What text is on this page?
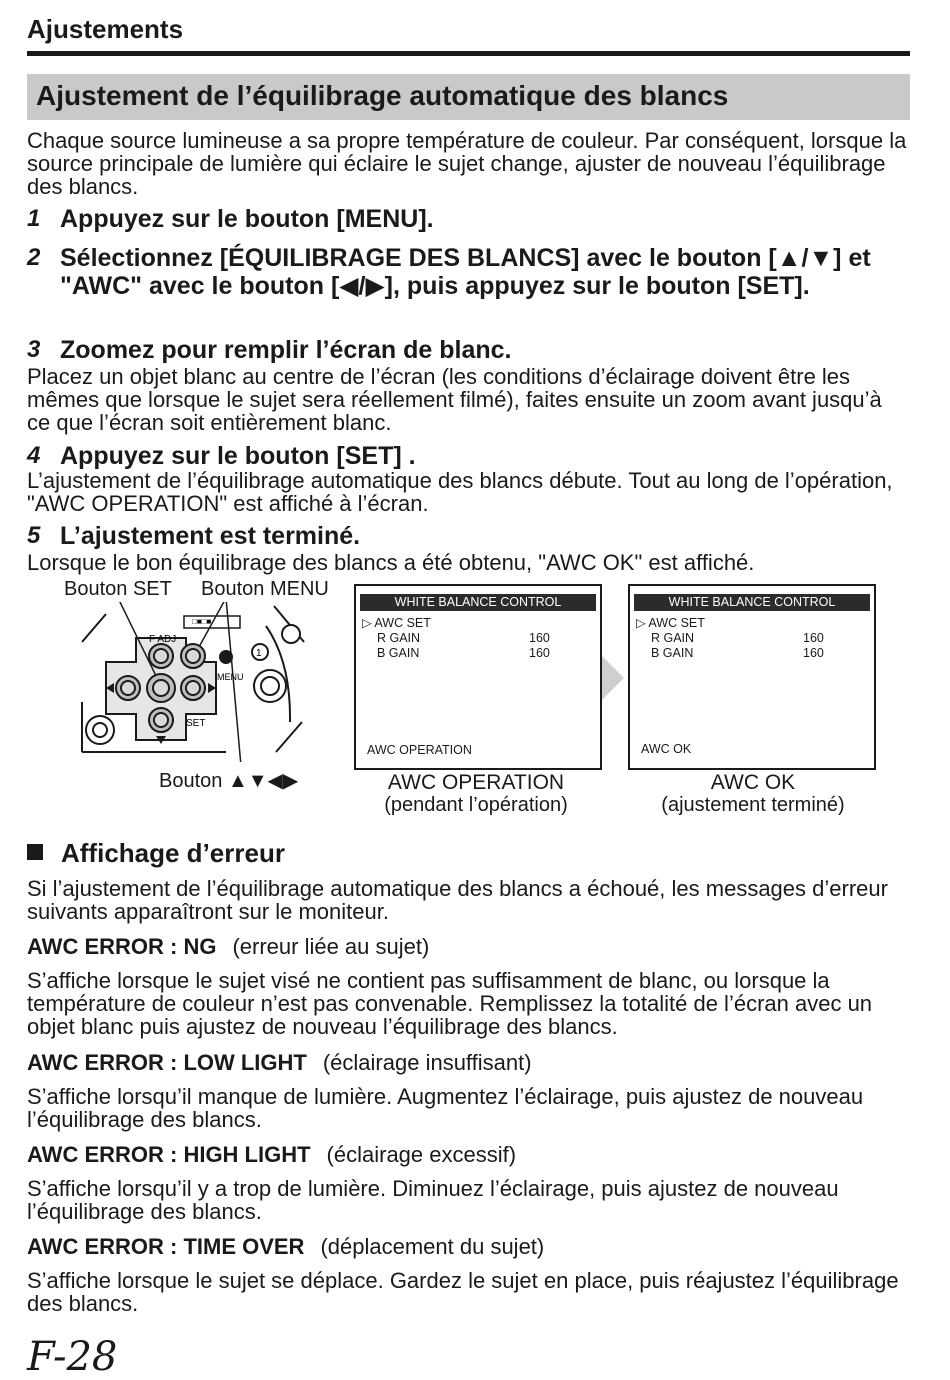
Ajustements
Ajustement de l’équilibrage automatique des blancs
Chaque source lumineuse a sa propre température de couleur. Par conséquent, lorsque la source principale de lumière qui éclaire le sujet change, ajuster de nouveau l’équilibrage des blancs.
1 Appuyez sur le bouton [MENU].
2 Sélectionnez [ÉQUILIBRAGE DES BLANCS] avec le bouton [▲/▼] et "AWC" avec le bouton [◀/▶], puis appuyez sur le bouton [SET].
3 Zoomez pour remplir l’écran de blanc.
Placez un objet blanc au centre de l’écran (les conditions d’éclairage doivent être les mêmes que lorsque le sujet sera réellement filmé), faites ensuite un zoom avant jusqu’à ce que l’écran soit entièrement blanc.
4 Appuyez sur le bouton [SET] .
L’ajustement de l’équilibrage automatique des blancs débute. Tout au long de l’opération, "AWC OPERATION" est affiché à l’écran.
5 L’ajustement est terminé.
Lorsque le bon équilibrage des blancs a été obtenu, "AWC OK" est affiché.
Bouton SET Bouton MENU
Bouton ▲▼◀▶
F ADJ
MENU
SET
1
□■□■
WHITE BALANCE CONTROL
▷ AWC SET
R GAIN	160
B GAIN	160
AWC OPERATION
WHITE BALANCE CONTROL
▷ AWC SET
R GAIN	160
B GAIN	160
AWC OK
AWC OPERATION
(pendant l’opération)
AWC OK
(ajustement terminé)
Affichage d’erreur
Si l’ajustement de l’équilibrage automatique des blancs a échoué, les messages d’erreur suivants apparaîtront sur le moniteur.
AWC ERROR : NG (erreur liée au sujet)
S’affiche lorsque le sujet visé ne contient pas suffisamment de blanc, ou lorsque la température de couleur n’est pas convenable. Remplissez la totalité de l’écran avec un objet blanc puis ajustez de nouveau l’équilibrage des blancs.
AWC ERROR : LOW LIGHT (éclairage insuffisant)
S’affiche lorsqu’il manque de lumière. Augmentez l’éclairage, puis ajustez de nouveau l’équilibrage des blancs.
AWC ERROR : HIGH LIGHT (éclairage excessif)
S’affiche lorsqu’il y a trop de lumière. Diminuez l’éclairage, puis ajustez de nouveau l’équilibrage des blancs.
AWC ERROR : TIME OVER (déplacement du sujet)
S’affiche lorsque le sujet se déplace. Gardez le sujet en place, puis réajustez l’équilibrage des blancs.
F-28
